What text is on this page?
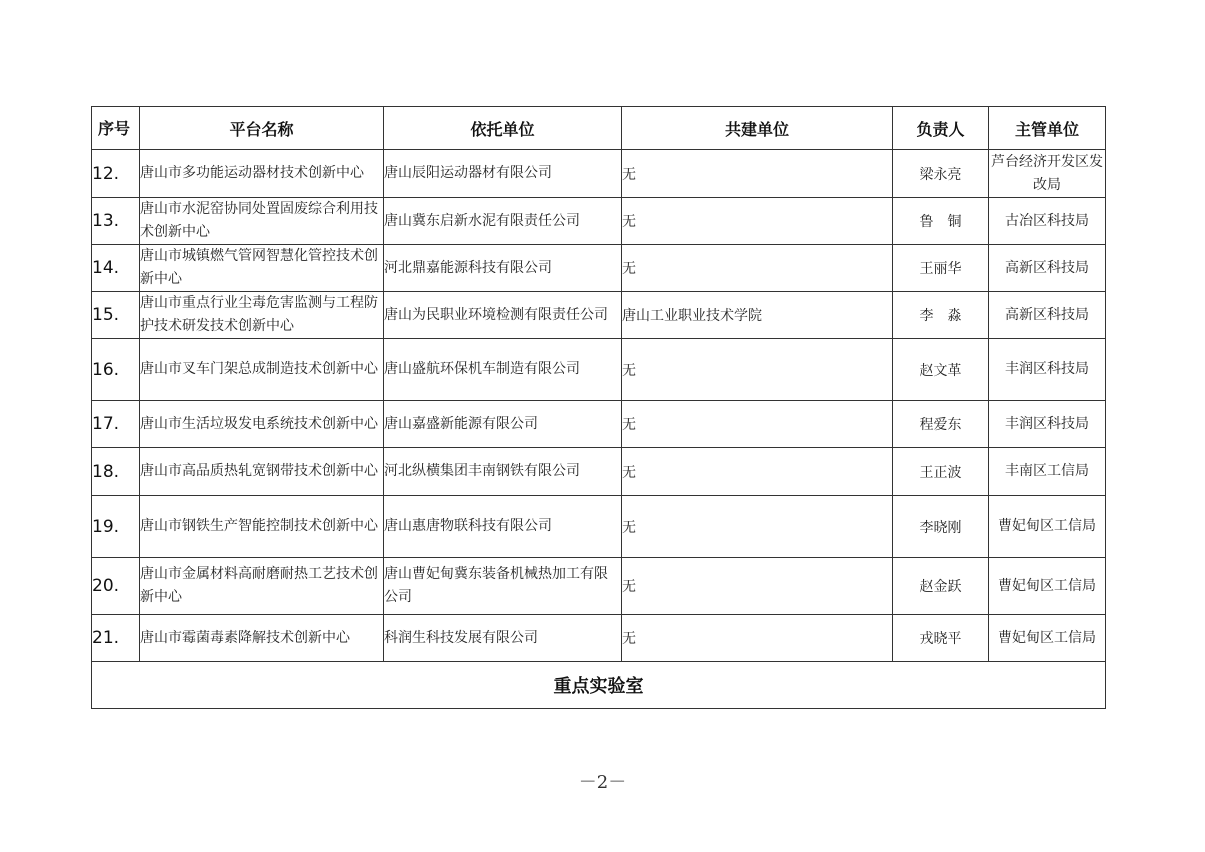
序号	平台名称	依托单位	共建单位	负责人	主管单位
12.	唐山市多功能运动器材技术创新中心	唐山辰阳运动器材有限公司	无	梁永亮	芦台经济开发区发改局
13.	唐山市水泥窑协同处置固废综合利用技术创新中心	唐山冀东启新水泥有限责任公司	无	鲁　铜	古冶区科技局
14.	唐山市城镇燃气管网智慧化管控技术创新中心	河北鼎嘉能源科技有限公司	无	王丽华	高新区科技局
15.	唐山市重点行业尘毒危害监测与工程防护技术研发技术创新中心	唐山为民职业环境检测有限责任公司	唐山工业职业技术学院	李　淼	高新区科技局
16.	唐山市叉车门架总成制造技术创新中心	唐山盛航环保机车制造有限公司	无	赵文革	丰润区科技局
17.	唐山市生活垃圾发电系统技术创新中心	唐山嘉盛新能源有限公司	无	程爱东	丰润区科技局
18.	唐山市高品质热轧宽钢带技术创新中心	河北纵横集团丰南钢铁有限公司	无	王正波	丰南区工信局
19.	唐山市钢铁生产智能控制技术创新中心	唐山惠唐物联科技有限公司	无	李晓刚	曹妃甸区工信局
20.	唐山市金属材料高耐磨耐热工艺技术创新中心	唐山曹妃甸冀东装备机械热加工有限公司	无	赵金跃	曹妃甸区工信局
21.	唐山市霉菌毒素降解技术创新中心	科润生科技发展有限公司	无	戎晓平	曹妃甸区工信局
重点实验室					
－2－
